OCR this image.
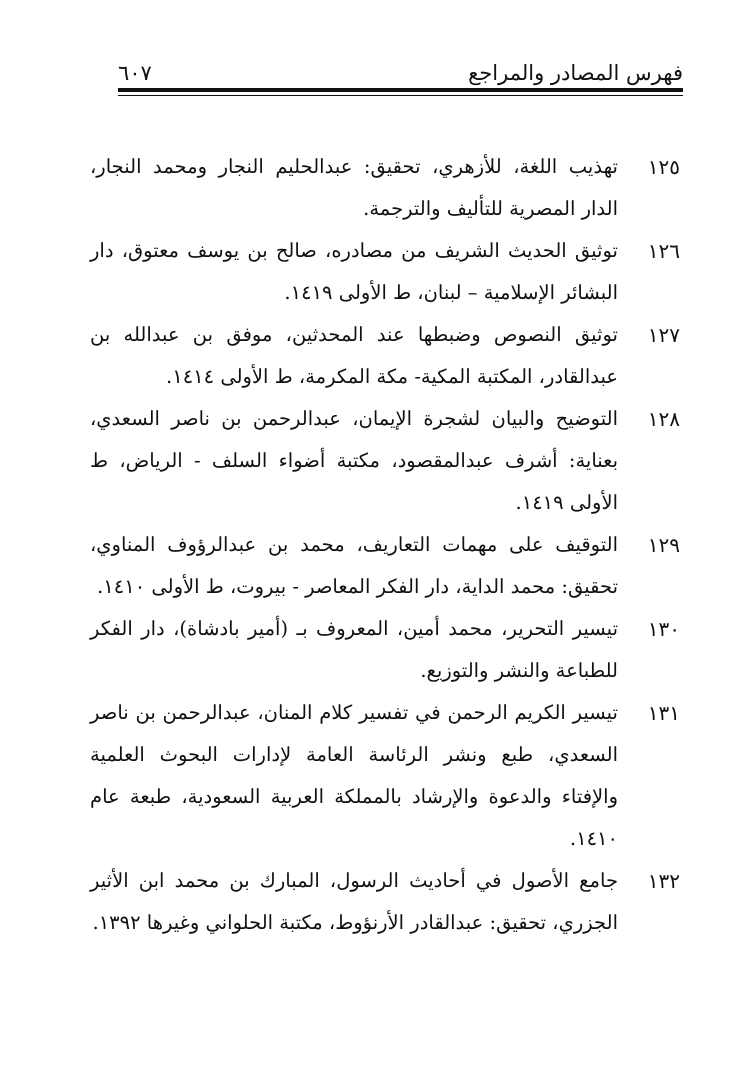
فهرس المصادر والمراجع
٦٠٧
١٢٥
تهذيب اللغة، للأزهري، تحقيق: عبدالحليم النجار ومحمد النجار، الدار المصرية للتأليف والترجمة.
١٢٦
توثيق الحديث الشريف من مصادره، صالح بن يوسف معتوق، دار البشائر الإسلامية – لبنان، ط الأولى ١٤١٩.
١٢٧
توثيق النصوص وضبطها عند المحدثين، موفق بن عبدالله بن عبدالقادر، المكتبة المكية- مكة المكرمة، ط الأولى ١٤١٤.
١٢٨
التوضيح والبيان لشجرة الإيمان، عبدالرحمن بن ناصر السعدي، بعناية: أشرف عبدالمقصود، مكتبة أضواء السلف - الرياض، ط الأولى ١٤١٩.
١٢٩
التوقيف على مهمات التعاريف، محمد بن عبدالرؤوف المناوي، تحقيق: محمد الداية، دار الفكر المعاصر - بيروت، ط الأولى ١٤١٠.
١٣٠
تيسير التحرير، محمد أمين، المعروف بـ (أمير بادشاة)، دار الفكر للطباعة والنشر والتوزيع.
١٣١
تيسير الكريم الرحمن في تفسير كلام المنان، عبدالرحمن بن ناصر السعدي، طبع ونشر الرئاسة العامة لإدارات البحوث العلمية والإفتاء والدعوة والإرشاد بالمملكة العربية السعودية، طبعة عام ١٤١٠.
١٣٢
جامع الأصول في أحاديث الرسول، المبارك بن محمد ابن الأثير الجزري، تحقيق: عبدالقادر الأرنؤوط، مكتبة الحلواني وغيرها ١٣٩٢.
